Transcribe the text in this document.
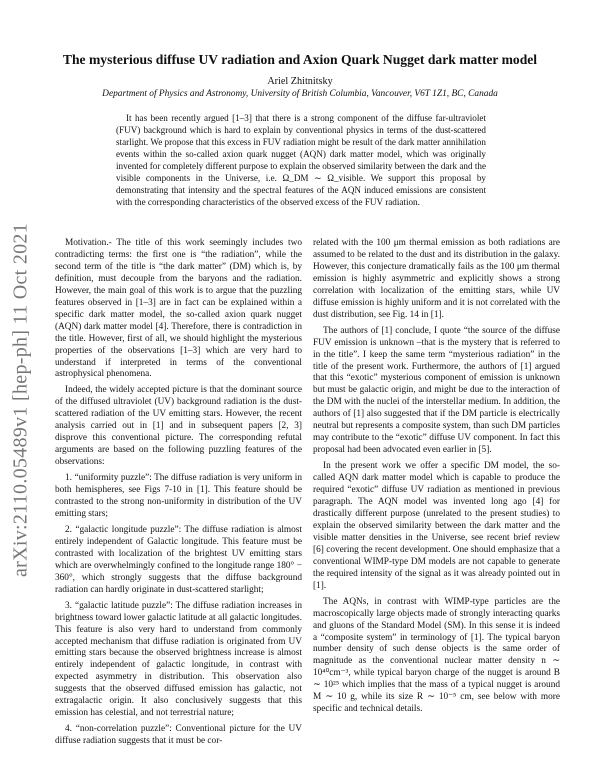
arXiv:2110.05489v1 [hep-ph] 11 Oct 2021
The mysterious diffuse UV radiation and Axion Quark Nugget dark matter model
Ariel Zhitnitsky
Department of Physics and Astronomy, University of British Columbia, Vancouver, V6T 1Z1, BC, Canada

It has been recently argued [1–3] that there is a strong component of the diffuse far-ultraviolet (FUV) background which is hard to explain by conventional physics in terms of the dust-scattered starlight. We propose that this excess in FUV radiation might be result of the dark matter annihilation events within the so-called axion quark nugget (AQN) dark matter model, which was originally invented for completely different purpose to explain the observed similarity between the dark and the visible components in the Universe, i.e. Ω_DM ∼ Ω_visible. We support this proposal by demonstrating that intensity and the spectral features of the AQN induced emissions are consistent with the corresponding characteristics of the observed excess of the FUV radiation.

Motivation.- The title of this work seemingly includes two contradicting terms: the first one is “the radiation”, while the second term of the title is “the dark matter” (DM) which is, by definition, must decouple from the baryons and the radiation. However, the main goal of this work is to argue that the puzzling features observed in [1–3] are in fact can be explained within a specific dark matter model, the so-called axion quark nugget (AQN) dark matter model [4]. Therefore, there is contradiction in the title. However, first of all, we should highlight the mysterious properties of the observations [1–3] which are very hard to understand if interpreted in terms of the conventional astrophysical phenomena.

Indeed, the widely accepted picture is that the dominant source of the diffused ultraviolet (UV) background radiation is the dust-scattered radiation of the UV emitting stars. However, the recent analysis carried out in [1] and in subsequent papers [2, 3] disprove this conventional picture. The corresponding refutal arguments are based on the following puzzling features of the observations:

1. “uniformity puzzle”: The diffuse radiation is very uniform in both hemispheres, see Figs 7-10 in [1]. This feature should be contrasted to the strong non-uniformity in distribution of the UV emitting stars;

2. “galactic longitude puzzle”: The diffuse radiation is almost entirely independent of Galactic longitude. This feature must be contrasted with localization of the brightest UV emitting stars which are overwhelmingly confined to the longitude range 180° − 360°, which strongly suggests that the diffuse background radiation can hardly originate in dust-scattered starlight;

3. “galactic latitude puzzle”: The diffuse radiation increases in brightness toward lower galactic latitude at all galactic longitudes. This feature is also very hard to understand from commonly accepted mechanism that diffuse radiation is originated from UV emitting stars because the observed brightness increase is almost entirely independent of galactic longitude, in contrast with expected asymmetry in distribution. This observation also suggests that the observed diffused emission has galactic, not extragalactic origin. It also conclusively suggests that this emission has celestial, and not terrestrial nature;

4. “non-correlation puzzle”: Conventional picture for the UV diffuse radiation suggests that it must be cor-

related with the 100 μm thermal emission as both radiations are assumed to be related to the dust and its distribution in the galaxy. However, this conjecture dramatically fails as the 100 μm thermal emission is highly asymmetric and explicitly shows a strong correlation with localization of the emitting stars, while UV diffuse emission is highly uniform and it is not correlated with the dust distribution, see Fig. 14 in [1].

The authors of [1] conclude, I quote “the source of the diffuse FUV emission is unknown –that is the mystery that is referred to in the title”. I keep the same term “mysterious radiation” in the title of the present work. Furthermore, the authors of [1] argued that this “exotic” mysterious component of emission is unknown but must be galactic origin, and might be due to the interaction of the DM with the nuclei of the interstellar medium. In addition, the authors of [1] also suggested that if the DM particle is electrically neutral but represents a composite system, than such DM particles may contribute to the “exotic” diffuse UV component. In fact this proposal had been advocated even earlier in [5].

In the present work we offer a specific DM model, the so-called AQN dark matter model which is capable to produce the required “exotic” diffuse UV radiation as mentioned in previous paragraph. The AQN model was invented long ago [4] for drastically different purpose (unrelated to the present studies) to explain the observed similarity between the dark matter and the visible matter densities in the Universe, see recent brief review [6] covering the recent development. One should emphasize that a conventional WIMP-type DM models are not capable to generate the required intensity of the signal as it was already pointed out in [1].

The AQNs, in contrast with WIMP-type particles are the macroscopically large objects made of strongly interacting quarks and gluons of the Standard Model (SM). In this sense it is indeed a “composite system” in terminology of [1]. The typical baryon number density of such dense objects is the same order of magnitude as the conventional nuclear matter density n ∼ 10⁴⁰cm⁻³, while typical baryon charge of the nugget is around B ∼ 10²⁵ which implies that the mass of a typical nugget is around M ∼ 10 g, while its size R ∼ 10⁻⁵ cm, see below with more specific and technical details.
